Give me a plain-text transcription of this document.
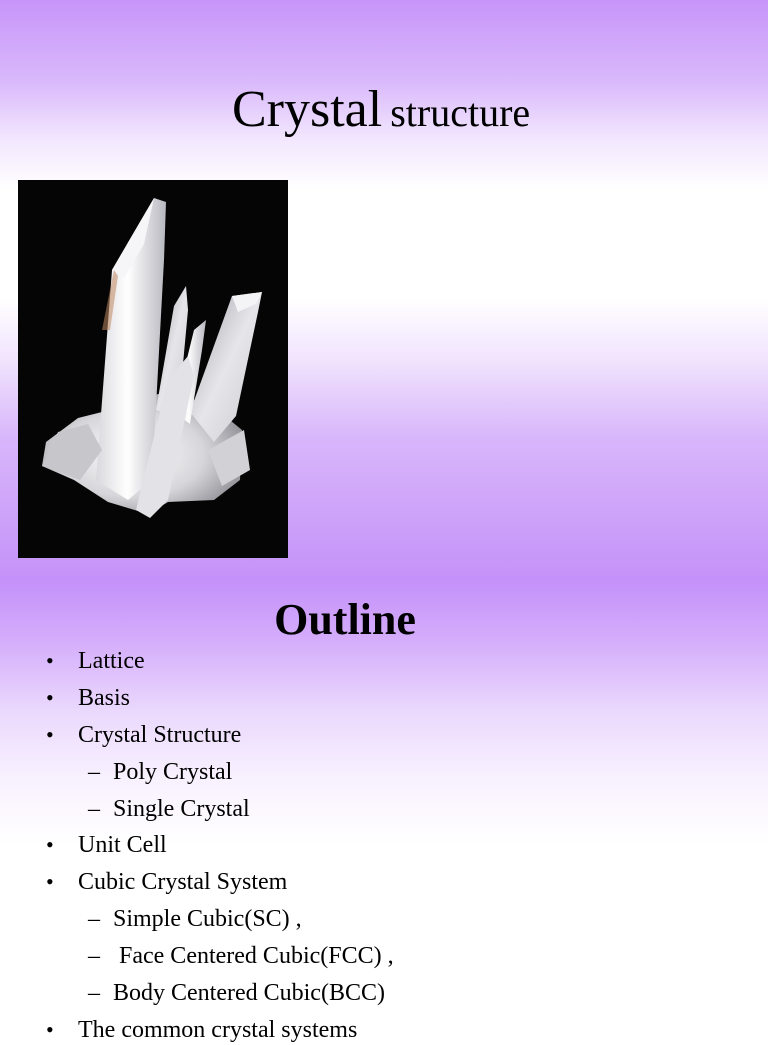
Crystal structure
Outline
• Lattice
• Basis
• Crystal Structure
– Poly Crystal
– Single Crystal
• Unit Cell
• Cubic Crystal System
– Simple Cubic(SC) ,
– Face Centered Cubic(FCC) ,
– Body Centered Cubic(BCC)
• The common crystal systems
